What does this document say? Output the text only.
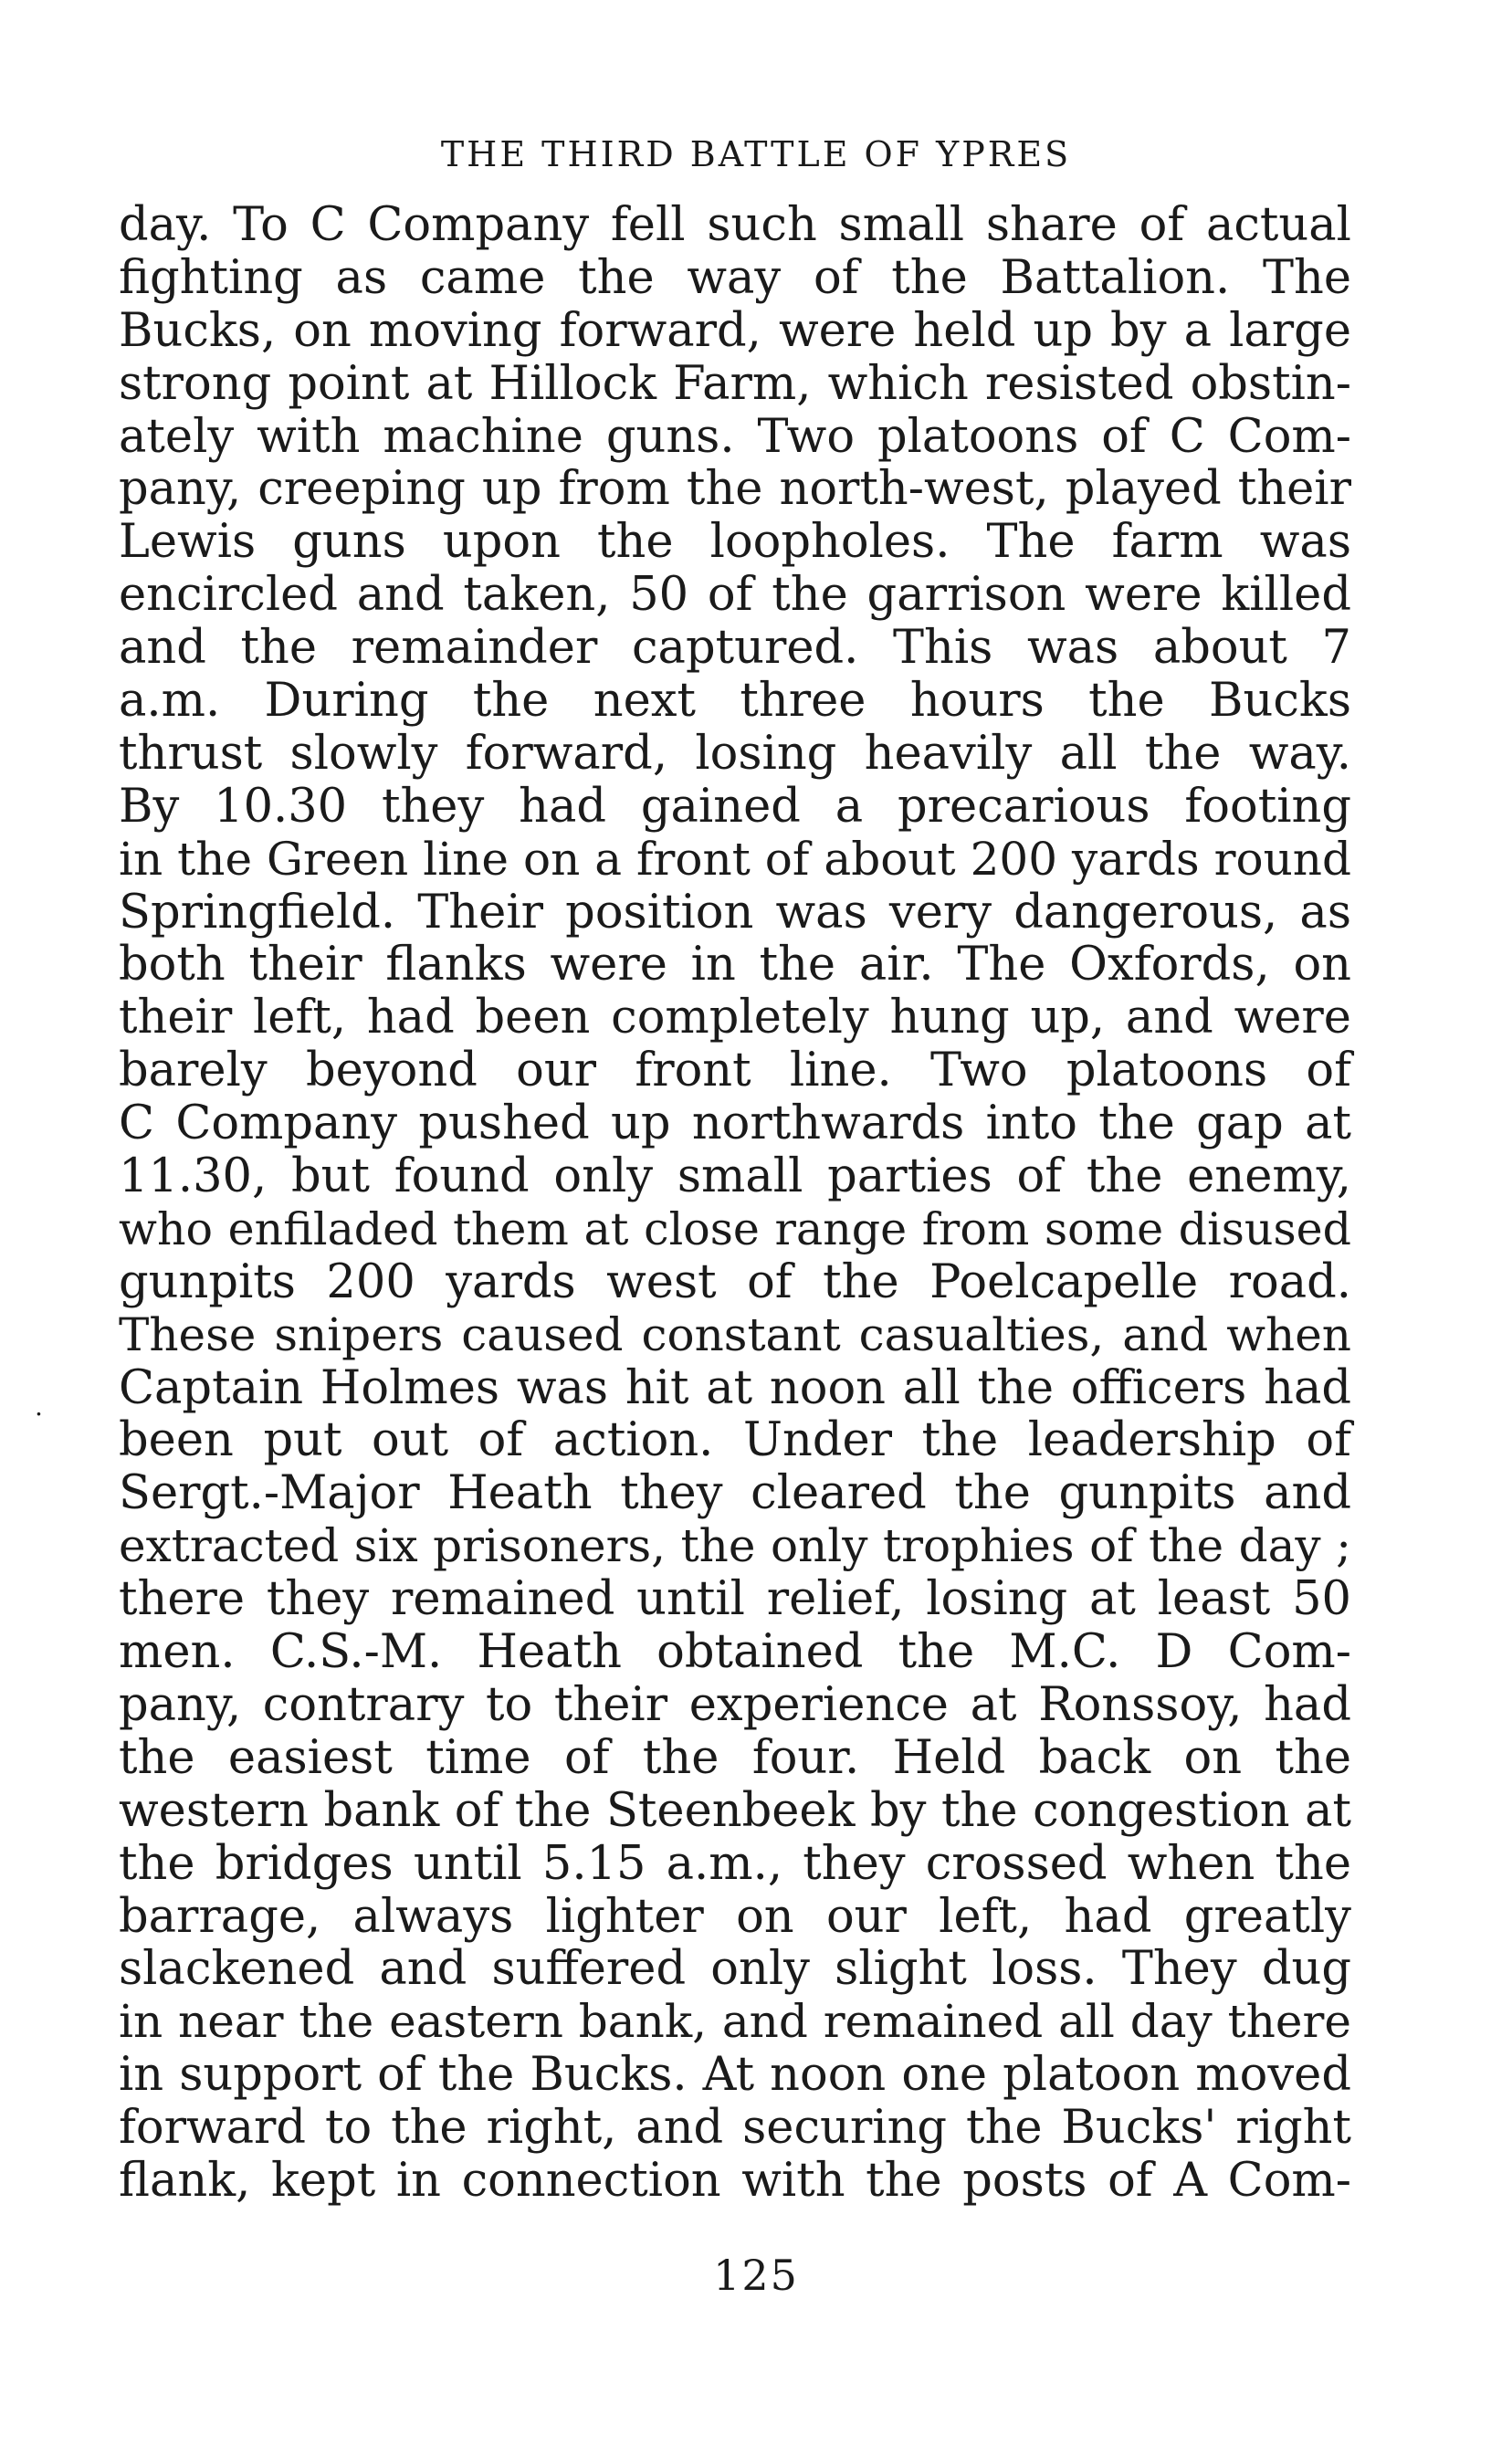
THE THIRD BATTLE OF YPRES
.
day. To C Company fell such small share of actual
fighting as came the way of the Battalion. The
Bucks, on moving forward, were held up by a large
strong point at Hillock Farm, which resisted obstin-
ately with machine guns. Two platoons of C Com-
pany, creeping up from the north-west, played their
Lewis guns upon the loopholes. The farm was
encircled and taken, 50 of the garrison were killed
and the remainder captured. This was about 7
a.m. During the next three hours the Bucks
thrust slowly forward, losing heavily all the way.
By 10.30 they had gained a precarious footing
in the Green line on a front of about 200 yards round
Springfield. Their position was very dangerous, as
both their flanks were in the air. The Oxfords, on
their left, had been completely hung up, and were
barely beyond our front line. Two platoons of
C Company pushed up northwards into the gap at
11.30, but found only small parties of the enemy,
who enfiladed them at close range from some disused
gunpits 200 yards west of the Poelcapelle road.
These snipers caused constant casualties, and when
Captain Holmes was hit at noon all the officers had
been put out of action. Under the leadership of
Sergt.-Major Heath they cleared the gunpits and
extracted six prisoners, the only trophies of the day ;
there they remained until relief, losing at least 50
men. C.S.-M. Heath obtained the M.C. D Com-
pany, contrary to their experience at Ronssoy, had
the easiest time of the four. Held back on the
western bank of the Steenbeek by the congestion at
the bridges until 5.15 a.m., they crossed when the
barrage, always lighter on our left, had greatly
slackened and suffered only slight loss. They dug
in near the eastern bank, and remained all day there
in support of the Bucks. At noon one platoon moved
forward to the right, and securing the Bucks' right
flank, kept in connection with the posts of A Com-
125
